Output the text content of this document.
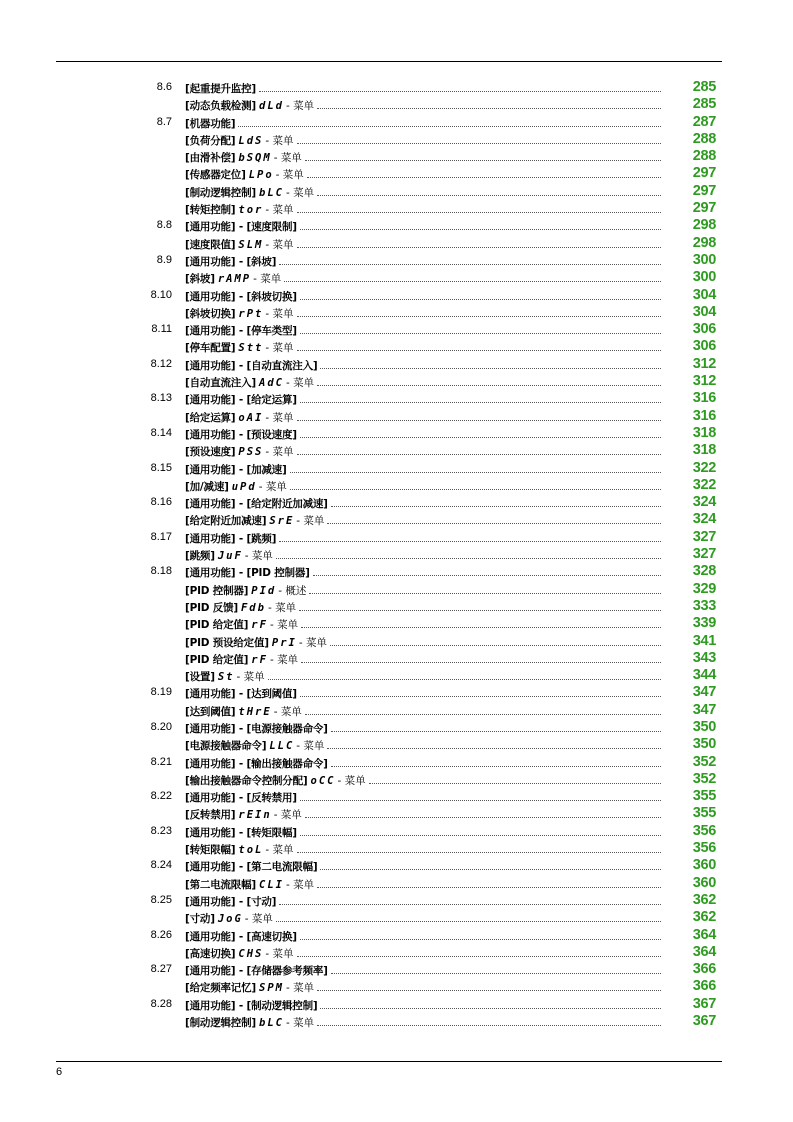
8.6 [起重提升监控]	285
[动态负载检测] dLd - 菜单	285
8.7 [机器功能]	287
[负荷分配] LdS - 菜单	288
[由滑补偿] bSQM - 菜单	288
[传感器定位] LPo - 菜单	297
[制动逻辑控制] bLC - 菜单	297
[转矩控制] tor - 菜单	297
8.8 [通用功能] - [速度限制]	298
[速度限值] SLM - 菜单	298
8.9 [通用功能] - [斜坡]	300
[斜坡] rAMP - 菜单	300
8.10 [通用功能] - [斜坡切换]	304
[斜坡切换] rPt - 菜单	304
8.11 [通用功能] - [停车类型]	306
[停车配置] Stt - 菜单	306
8.12 [通用功能] - [自动直流注入]	312
[自动直流注入] AdC - 菜单	312
8.13 [通用功能] - [给定运算]	316
[给定运算] oAI - 菜单	316
8.14 [通用功能] - [预设速度]	318
[预设速度] PSS - 菜单	318
8.15 [通用功能] - [加减速]	322
[加/减速] uPd - 菜单	322
8.16 [通用功能] - [给定附近加减速]	324
[给定附近加减速] SrE - 菜单	324
8.17 [通用功能] - [跳频]	327
[跳频] JuF - 菜单	327
8.18 [通用功能] - [PID 控制器]	328
[PID 控制器] PId - 概述	329
[PID 反馈] Fdb - 菜单	333
[PID 给定值] rF - 菜单	339
[PID 预设给定值] PrI - 菜单	341
[PID 给定值] rF - 菜单	343
[设置] St - 菜单	344
8.19 [通用功能] - [达到阈值]	347
[达到阈值] tHrE - 菜单	347
8.20 [通用功能] - [电源接触器命令]	350
[电源接触器命令] LLC - 菜单	350
8.21 [通用功能] - [输出接触器命令]	352
[输出接触器命令控制分配] oCC - 菜单	352
8.22 [通用功能] - [反转禁用]	355
[反转禁用] rEIn - 菜单	355
8.23 [通用功能] - [转矩限幅]	356
[转矩限幅] toL - 菜单	356
8.24 [通用功能] - [第二电流限幅]	360
[第二电流限幅] CLI - 菜单	360
8.25 [通用功能] - [寸动]	362
[寸动] JoG - 菜单	362
8.26 [通用功能] - [高速切换]	364
[高速切换] CHS - 菜单	364
8.27 [通用功能] - [存储器参考频率]	366
[给定频率记忆] SPM - 菜单	366
8.28 [通用功能] - [制动逻辑控制]	367
[制动逻辑控制] bLC - 菜单	367
6
